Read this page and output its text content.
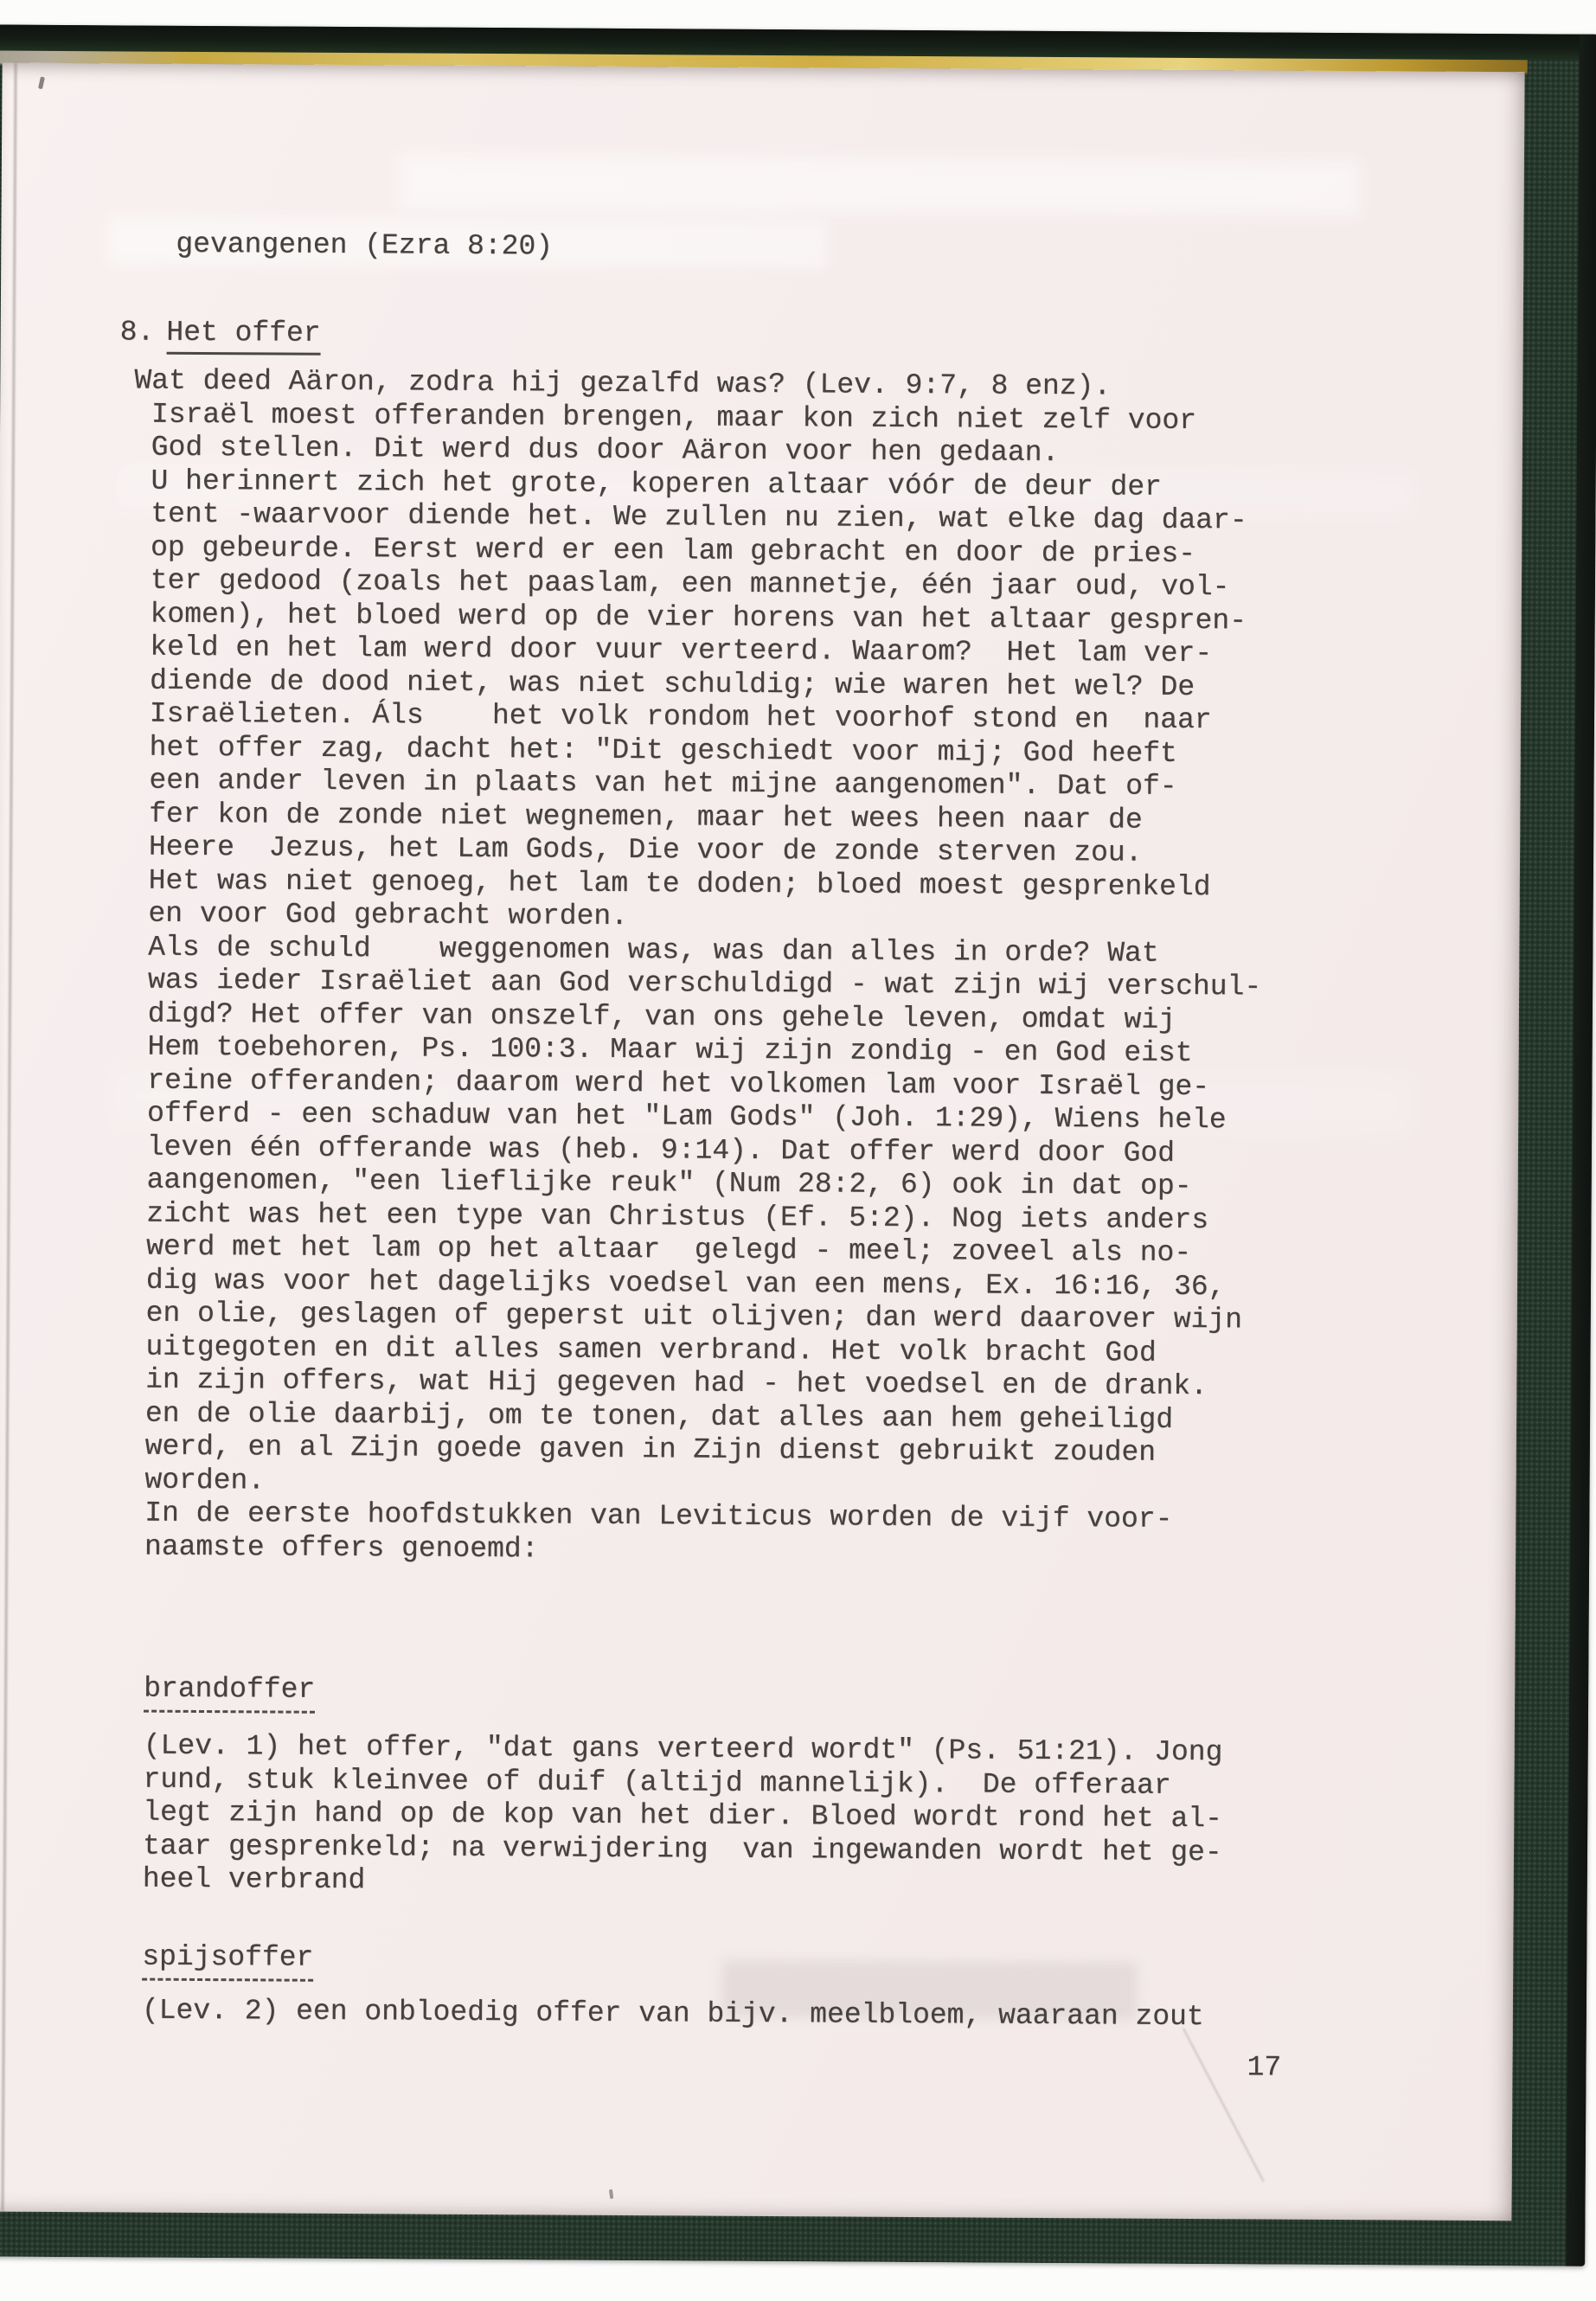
gevangenen (Ezra 8:20)
8. Het offer
Wat deed Aäron, zodra hij gezalfd was? (Lev. 9:7, 8 enz).
Israël moest offeranden brengen, maar kon zich niet zelf voor
God stellen. Dit werd dus door Aäron voor hen gedaan.
U herinnert zich het grote, koperen altaar vóór de deur der
tent -waarvoor diende het. We zullen nu zien, wat elke dag daar-
op gebeurde. Eerst werd er een lam gebracht en door de pries-
ter gedood (zoals het paaslam, een mannetje, één jaar oud, vol-
komen), het bloed werd op de vier horens van het altaar gespren-
keld en het lam werd door vuur verteerd. Waarom?  Het lam ver-
diende de dood niet, was niet schuldig; wie waren het wel? De
Israëlieten. Áls    het volk rondom het voorhof stond en  naar
het offer zag, dacht het: "Dit geschiedt voor mij; God heeft
een ander leven in plaats van het mijne aangenomen". Dat of-
fer kon de zonde niet wegnemen, maar het wees heen naar de
Heere  Jezus, het Lam Gods, Die voor de zonde sterven zou.
Het was niet genoeg, het lam te doden; bloed moest gesprenkeld
en voor God gebracht worden.
Als de schuld    weggenomen was, was dan alles in orde? Wat
was ieder Israëliet aan God verschuldigd - wat zijn wij verschul-
digd? Het offer van onszelf, van ons gehele leven, omdat wij
Hem toebehoren, Ps. 100:3. Maar wij zijn zondig - en God eist
reine offeranden; daarom werd het volkomen lam voor Israël ge-
offerd - een schaduw van het "Lam Gods" (Joh. 1:29), Wiens hele
leven één offerande was (heb. 9:14). Dat offer werd door God
aangenomen, "een lieflijke reuk" (Num 28:2, 6) ook in dat op-
zicht was het een type van Christus (Ef. 5:2). Nog iets anders
werd met het lam op het altaar  gelegd - meel; zoveel als no-
dig was voor het dagelijks voedsel van een mens, Ex. 16:16, 36,
en olie, geslagen of geperst uit olijven; dan werd daarover wijn
uitgegoten en dit alles samen verbrand. Het volk bracht God
in zijn offers, wat Hij gegeven had - het voedsel en de drank.
en de olie daarbij, om te tonen, dat alles aan hem geheiligd
werd, en al Zijn goede gaven in Zijn dienst gebruikt zouden
worden.
In de eerste hoofdstukken van Leviticus worden de vijf voor-
naamste offers genoemd:
brandoffer
(Lev. 1) het offer, "dat gans verteerd wordt" (Ps. 51:21). Jong
rund, stuk kleinvee of duif (altijd mannelijk).  De offeraar
legt zijn hand op de kop van het dier. Bloed wordt rond het al-
taar gesprenkeld; na verwijdering  van ingewanden wordt het ge-
heel verbrand
spijsoffer
(Lev. 2) een onbloedig offer van bijv. meelbloem, waaraan zout
17
